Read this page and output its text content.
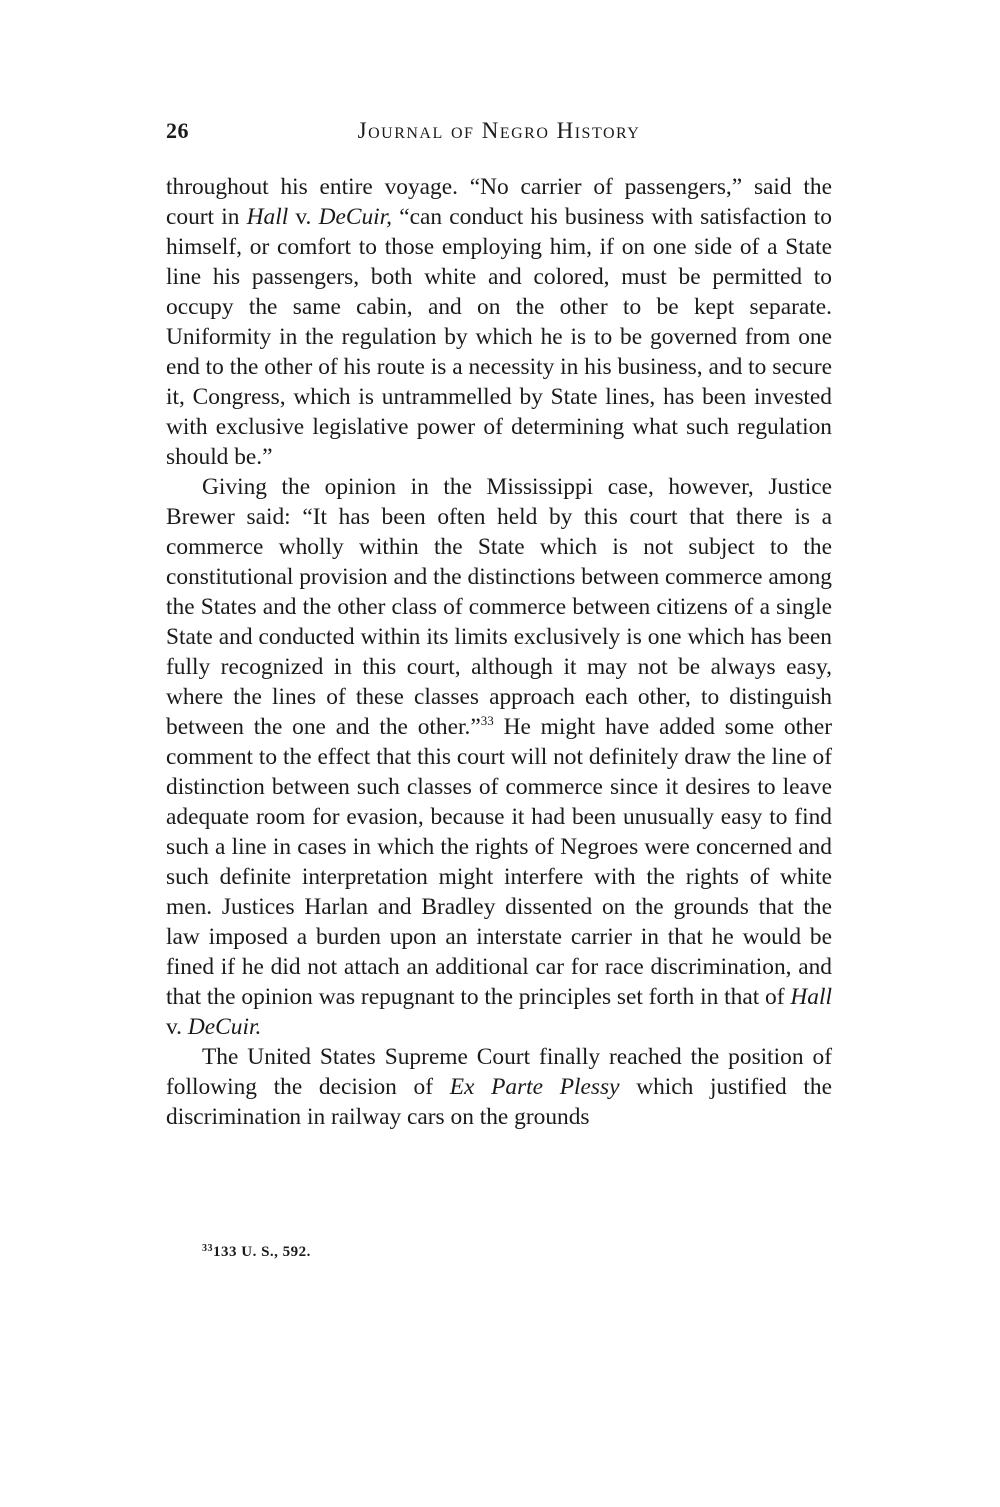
26	Journal of Negro History

throughout his entire voyage. “No carrier of passengers,” said the court in Hall v. DeCuir, “can conduct his business with satisfaction to himself, or comfort to those employing him, if on one side of a State line his passengers, both white and colored, must be permitted to occupy the same cabin, and on the other to be kept separate. Uniformity in the regulation by which he is to be governed from one end to the other of his route is a necessity in his business, and to secure it, Congress, which is untrammelled by State lines, has been invested with exclusive legislative power of determining what such regulation should be.”

Giving the opinion in the Mississippi case, however, Justice Brewer said: “It has been often held by this court that there is a commerce wholly within the State which is not subject to the constitutional provision and the distinctions between commerce among the States and the other class of commerce between citizens of a single State and conducted within its limits exclusively is one which has been fully recognized in this court, although it may not be always easy, where the lines of these classes approach each other, to distinguish between the one and the other.”$^{33}$ He might have added some other comment to the effect that this court will not definitely draw the line of distinction between such classes of commerce since it desires to leave adequate room for evasion, because it had been unusually easy to find such a line in cases in which the rights of Negroes were concerned and such definite interpretation might interfere with the rights of white men. Justices Harlan and Bradley dissented on the grounds that the law imposed a burden upon an interstate carrier in that he would be fined if he did not attach an additional car for race discrimination, and that the opinion was repugnant to the principles set forth in that of Hall v. DeCuir.

The United States Supreme Court finally reached the position of following the decision of Ex Parte Plessy which justified the discrimination in railway cars on the grounds

$^{33}$133 U. S., 592.
